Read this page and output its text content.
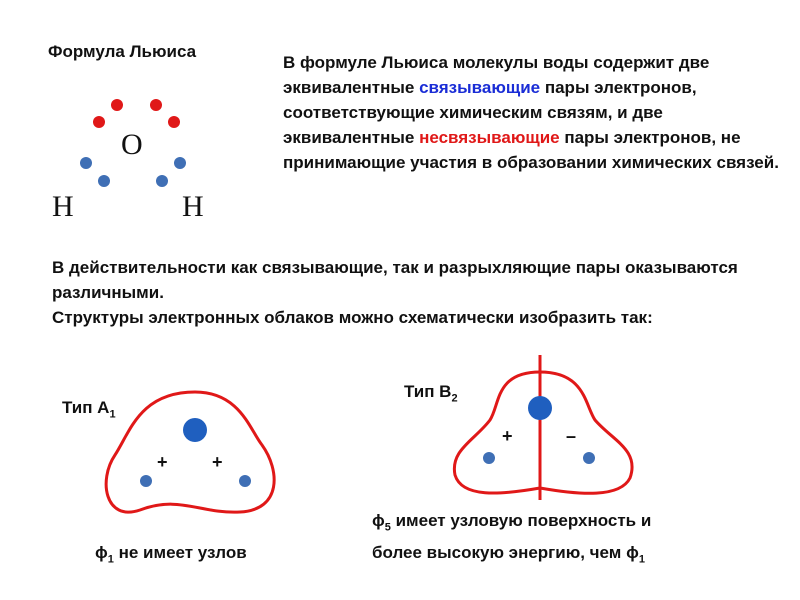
Формула Льюиса
O
H	H
В формуле Льюиса молекулы воды содержит две эквивалентные связывающие пары электронов, соответствующие химическим связям, и две эквивалентные несвязывающие пары электронов, не принимающие участия в образовании химических связей.
В действительности как связывающие, так и разрыхляющие пары оказываются различными.
Структуры электронных облаков можно схематически изобразить так:
Тип $A_1$
+ +
$\phi_1$ не имеет узлов
Тип $B_2$
+	–
$\phi_5$ имеет узловую поверхность и
более высокую энергию, чем $\phi_1$
